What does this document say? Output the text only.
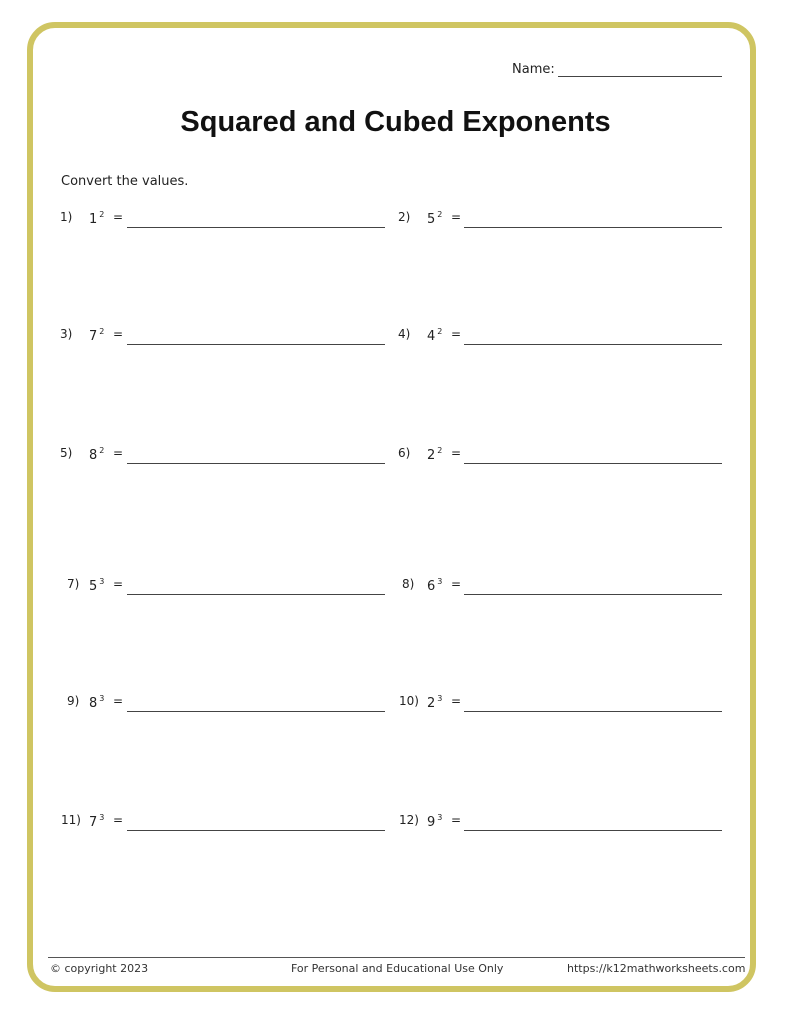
Name:
Squared and Cubed Exponents
Convert the values.
1) 1 $^2$ =	2) 5 $^2$ =
3) 7 $^2$ =	4) 4 $^2$ =
5) 8 $^2$ =	6) 2 $^2$ =
7) 5 $^3$ =	8) 6 $^3$ =
9) 8 $^3$ =	10) 2 $^3$ =
11) 7 $^3$ =	12) 9 $^3$ =
© copyright 2023	For Personal and Educational Use Only	https://k12mathworksheets.com
